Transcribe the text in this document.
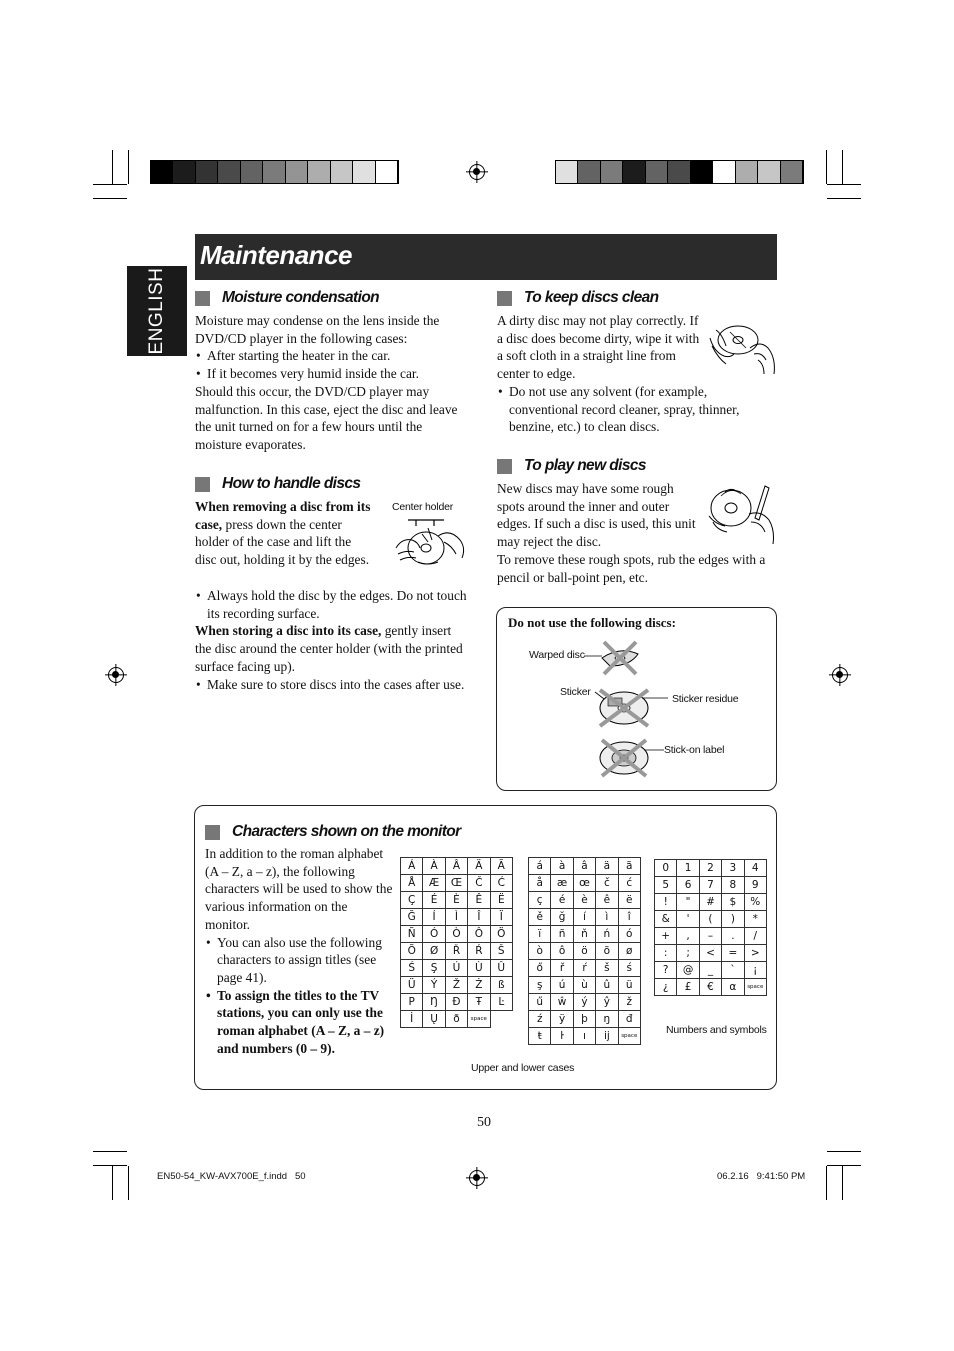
Maintenance
ENGLISH	Moisture condensation

Moisture may condense on the lens inside the DVD/CD player in the following cases:

• After starting the heater in the car.

• If it becomes very humid inside the car.

Should this occur, the DVD/CD player may malfunction. In this case, eject the disc and leave the unit turned on for a few hours until the moisture evaporates.

How to handle discs

When removing a disc from its case, press down the center holder of the case and lift the disc out, holding it by the edges.

Center holder

• Always hold the disc by the edges. Do not touch its recording surface.

When storing a disc into its case, gently insert the disc around the center holder (with the printed surface facing up).

• Make sure to store discs into the cases after use.

To keep discs clean

A dirty disc may not play correctly. If a disc does become dirty, wipe it with a soft cloth in a straight line from center to edge.

• Do not use any solvent (for example, conventional record cleaner, spray, thinner, benzine, etc.) to clean discs.

To play new discs

New discs may have some rough spots around the inner and outer edges. If such a disc is used, this unit may reject the disc.

To remove these rough spots, rub the edges with a pencil or ball-point pen, etc.

Do not use the following discs:
Warped disc
Sticker
Sticker residue
Stick-on label
Characters shown on the monitor

In addition to the roman alphabet (A – Z, a – z), the following characters will be used to show the various information on the monitor.

• You can also use the following characters to assign titles (see page 41).

• To assign the titles to the TV stations, you can only use the roman alphabet (A – Z, a – z) and numbers (0 – 9).

Á	À	Â	Ä	Ã
Å	Æ	Œ	Č	Ć
Ç	É	È	Ê	Ë
Ğ	Í	Ì	Î	Ï
Ñ	Ó	Ò	Ô	Ö
Õ	Ø	Ř	Ŕ	Š
Ś	Ş	Ú	Ù	Û
Ü	Ý	Ž	Ż	ß
Ρ	Ŋ	Đ	Ŧ	Ŀ
İ	Ų	ð	space	
á	à	â	ä	ã
å	æ	œ	č	ć
ç	é	è	ê	ë
ě	ğ	í	ì	î
ï	ñ	ň	ń	ó
ò	ô	ö	õ	ø
ő	ř	ŕ	š	ś
ş	ú	ù	û	ü
ű	ŵ	ý	ŷ	ž
ź	ÿ	þ	ŋ	đ
ŧ	ŀ	ı	ij	space
0	1	2	3	4
5	6	7	8	9
!	"	#	$	%
&	'	(	)	*
+	,	–	.	/
:	;	<	=	>
?	@	_	`	¡
¿	£	€	α	space
Upper and lower cases
Numbers and symbols
50
EN50-54_KW-AVX700E_f.indd   50	06.2.16   9:41:50 PM
